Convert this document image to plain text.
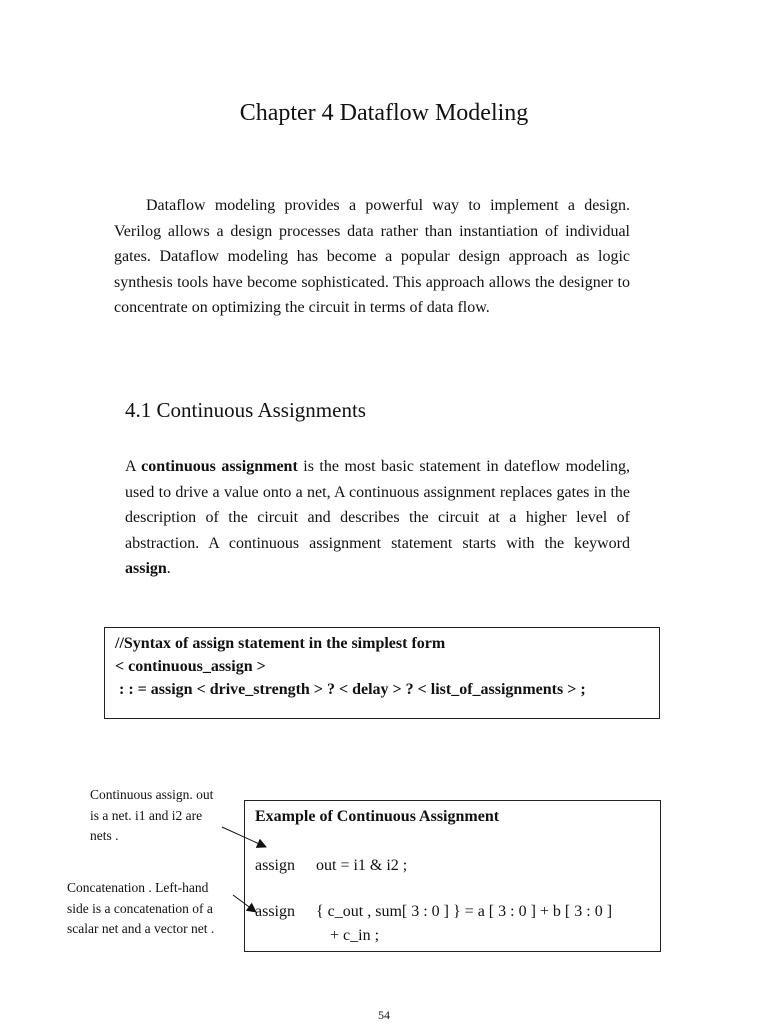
Chapter 4 Dataflow Modeling
Dataflow modeling provides a powerful way to implement a design. Verilog allows a design processes data rather than instantiation of individual gates. Dataflow modeling has become a popular design approach as logic synthesis tools have become sophisticated. This approach allows the designer to concentrate on optimizing the circuit in terms of data flow.
4.1 Continuous Assignments
A continuous assignment is the most basic statement in dateflow modeling, used to drive a value onto a net, A continuous assignment replaces gates in the description of the circuit and describes the circuit at a higher level of abstraction. A continuous assignment statement starts with the keyword assign.
//Syntax of assign statement in the simplest form
< continuous_assign >
: : = assign < drive_strength > ? < delay > ? < list_of_assignments > ;
Continuous assign. out
is a net. i1 and i2 are
nets .
Concatenation . Left-hand
side is a concatenation of a
scalar net and a vector net .
Example of Continuous Assignment
assign out = i1 & i2 ;
assign { c_out , sum[ 3 : 0 ] } = a [ 3 : 0 ] + b [ 3 : 0 ]
+ c_in ;
54
